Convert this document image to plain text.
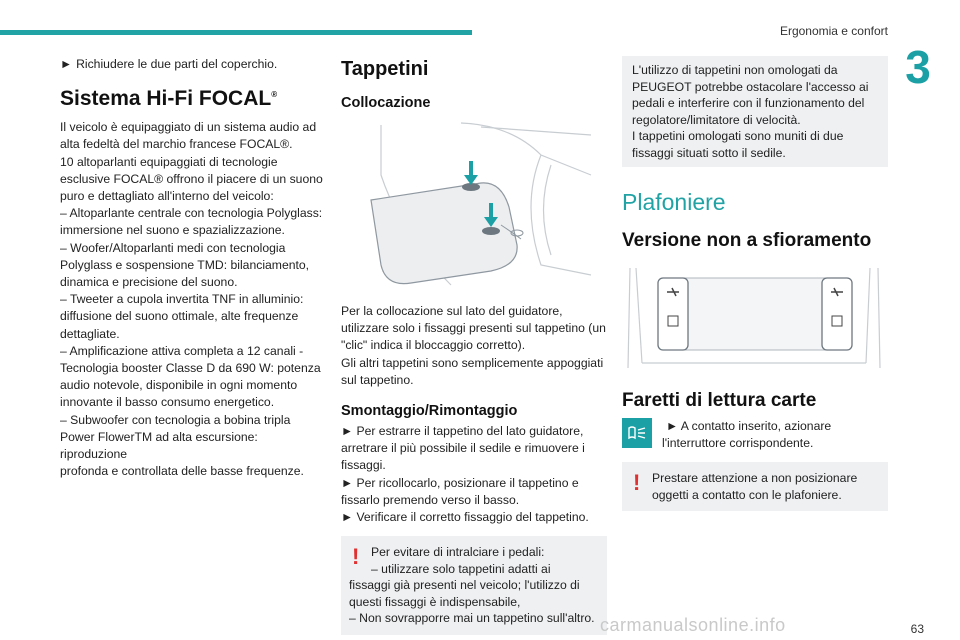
Ergonomia e confort
3

► Richiudere le due parti del coperchio.

Sistema Hi-Fi FOCAL®

Il veicolo è equipaggiato di un sistema audio ad

alta fedeltà del marchio francese FOCAL®.

10 altoparlanti equipaggiati di tecnologie

esclusive FOCAL® offrono il piacere di un suono

puro e dettagliato all'interno del veicolo:

– Altoparlante centrale con tecnologia Polyglass:

immersione nel suono e spazializzazione.

– Woofer/Altoparlanti medi con tecnologia

Polyglass e sospensione TMD: bilanciamento,

dinamica e precisione del suono.

– Tweeter a cupola invertita TNF in alluminio:

diffusione del suono ottimale, alte frequenze

dettagliate.

– Amplificazione attiva completa a 12 canali -

Tecnologia booster Classe D da 690 W: potenza

audio notevole, disponibile in ogni momento

innovante il basso consumo energetico.

– Subwoofer con tecnologia a bobina tripla

Power FlowerTM ad alta escursione: riproduzione

profonda e controllata delle basse frequenze.

Tappetini
Collocazione

Per la collocazione sul lato del guidatore,

utilizzare solo i fissaggi presenti sul tappetino (un

"clic" indica il bloccaggio corretto).

Gli altri tappetini sono semplicemente appoggiati

sul tappetino.

Smontaggio/Rimontaggio

► Per estrarre il tappetino del lato guidatore,

arretrare il più possibile il sedile e rimuovere i

fissaggi.

► Per ricollocarlo, posizionare il tappetino e

fissarlo premendo verso il basso.

► Verificare il corretto fissaggio del tappetino.

! Per evitare di intralciare i pedali:

– utilizzare solo tappetini adatti ai

fissaggi già presenti nel veicolo; l'utilizzo di

questi fissaggi è indispensabile,

– Non sovrapporre mai un tappetino sull'altro.

L'utilizzo di tappetini non omologati da

PEUGEOT potrebbe ostacolare l'accesso ai

pedali e interferire con il funzionamento del

regolatore/limitatore di velocità.

I tappetini omologati sono muniti di due

fissaggi situati sotto il sedile.

Plafoniere
Versione non a sfioramento
Faretti di lettura carte

► A contatto inserito, azionare

l'interruttore corrispondente.

! Prestare attenzione a non posizionare

oggetti a contatto con le plafoniere.

carmanualsonline.info	63
